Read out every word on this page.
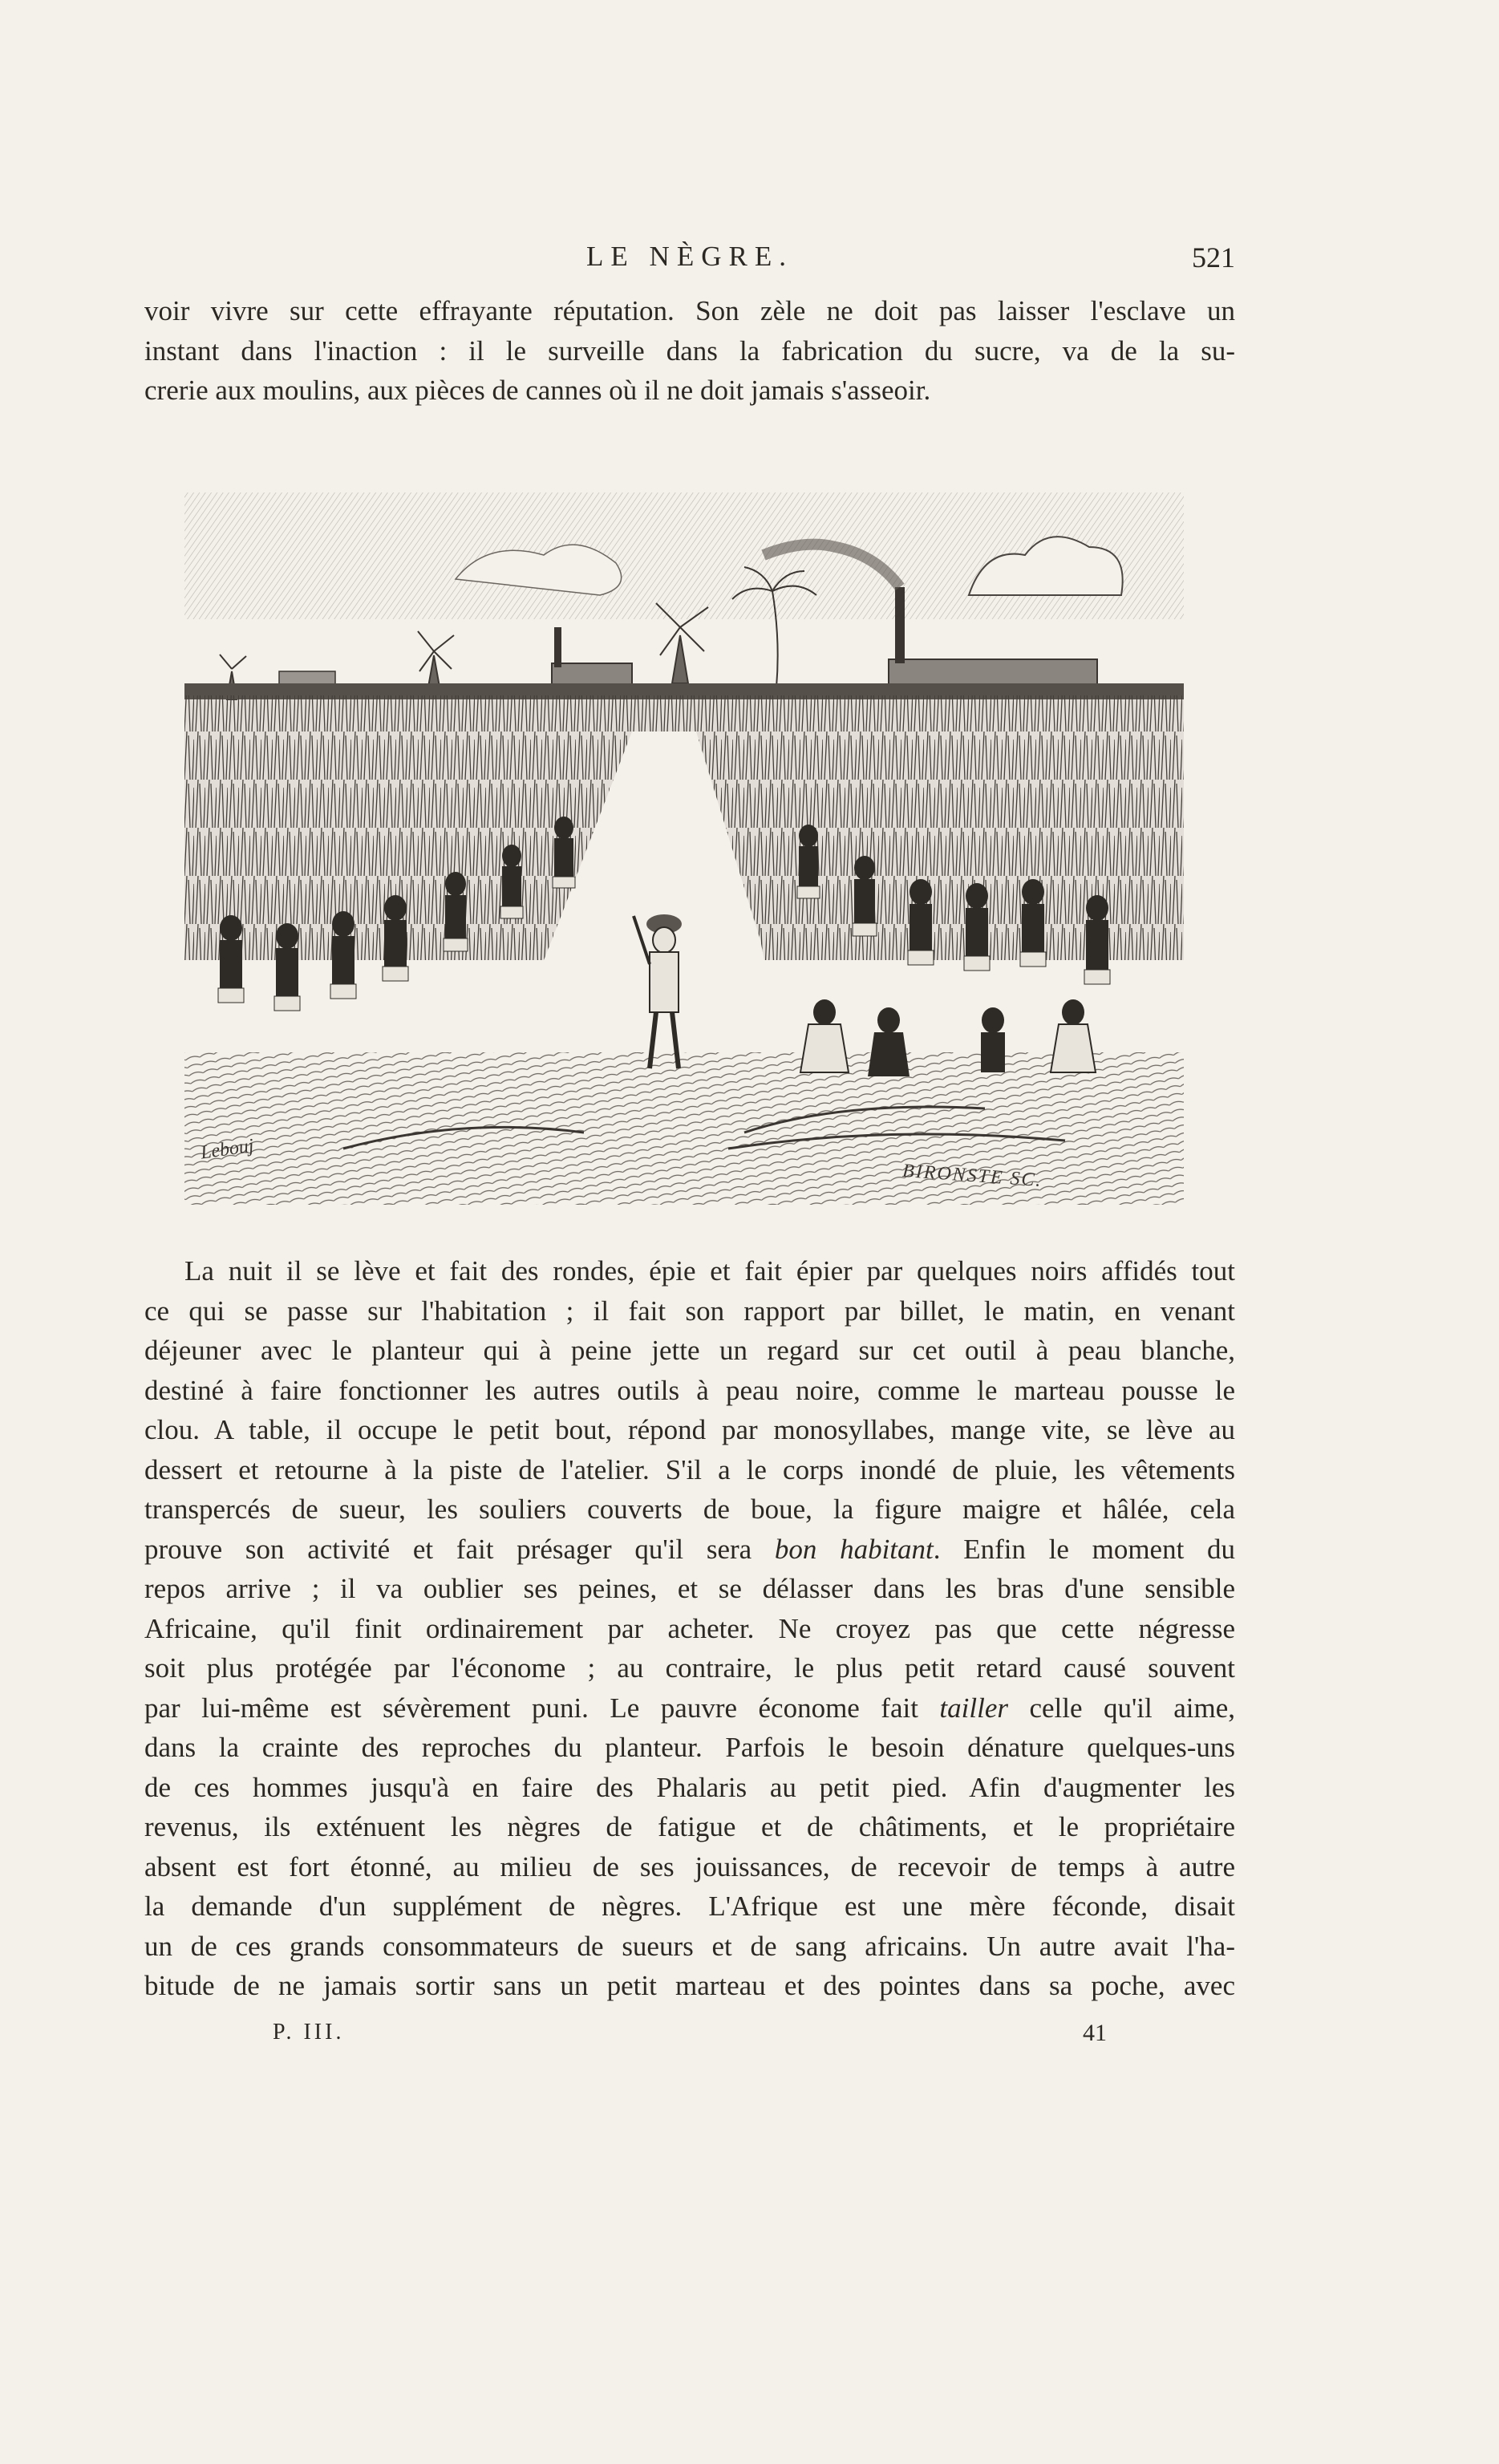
LE NÈGRE.	521
voir vivre sur cette effrayante réputation. Son zèle ne doit pas laisser l'esclave un
instant dans l'inaction : il le surveille dans la fabrication du sucre, va de la su-
crerie aux moulins, aux pièces de cannes où il ne doit jamais s'asseoir.
Lebouj
BIRONSTE SC.
La nuit il se lève et fait des rondes, épie et fait épier par quelques noirs affidés tout
ce qui se passe sur l'habitation ; il fait son rapport par billet, le matin, en venant
déjeuner avec le planteur qui à peine jette un regard sur cet outil à peau blanche,
destiné à faire fonctionner les autres outils à peau noire, comme le marteau pousse le
clou. A table, il occupe le petit bout, répond par monosyllabes, mange vite, se lève au
dessert et retourne à la piste de l'atelier. S'il a le corps inondé de pluie, les vêtements
transpercés de sueur, les souliers couverts de boue, la figure maigre et hâlée, cela
prouve son activité et fait présager qu'il sera bon habitant. Enfin le moment du
repos arrive ; il va oublier ses peines, et se délasser dans les bras d'une sensible
Africaine, qu'il finit ordinairement par acheter. Ne croyez pas que cette négresse
soit plus protégée par l'économe ; au contraire, le plus petit retard causé souvent
par lui-même est sévèrement puni. Le pauvre économe fait tailler celle qu'il aime,
dans la crainte des reproches du planteur. Parfois le besoin dénature quelques-uns
de ces hommes jusqu'à en faire des Phalaris au petit pied. Afin d'augmenter les
revenus, ils exténuent les nègres de fatigue et de châtiments, et le propriétaire
absent est fort étonné, au milieu de ses jouissances, de recevoir de temps à autre
la demande d'un supplément de nègres. L'Afrique est une mère féconde, disait
un de ces grands consommateurs de sueurs et de sang africains. Un autre avait l'ha-
bitude de ne jamais sortir sans un petit marteau et des pointes dans sa poche, avec
P. III.	41
